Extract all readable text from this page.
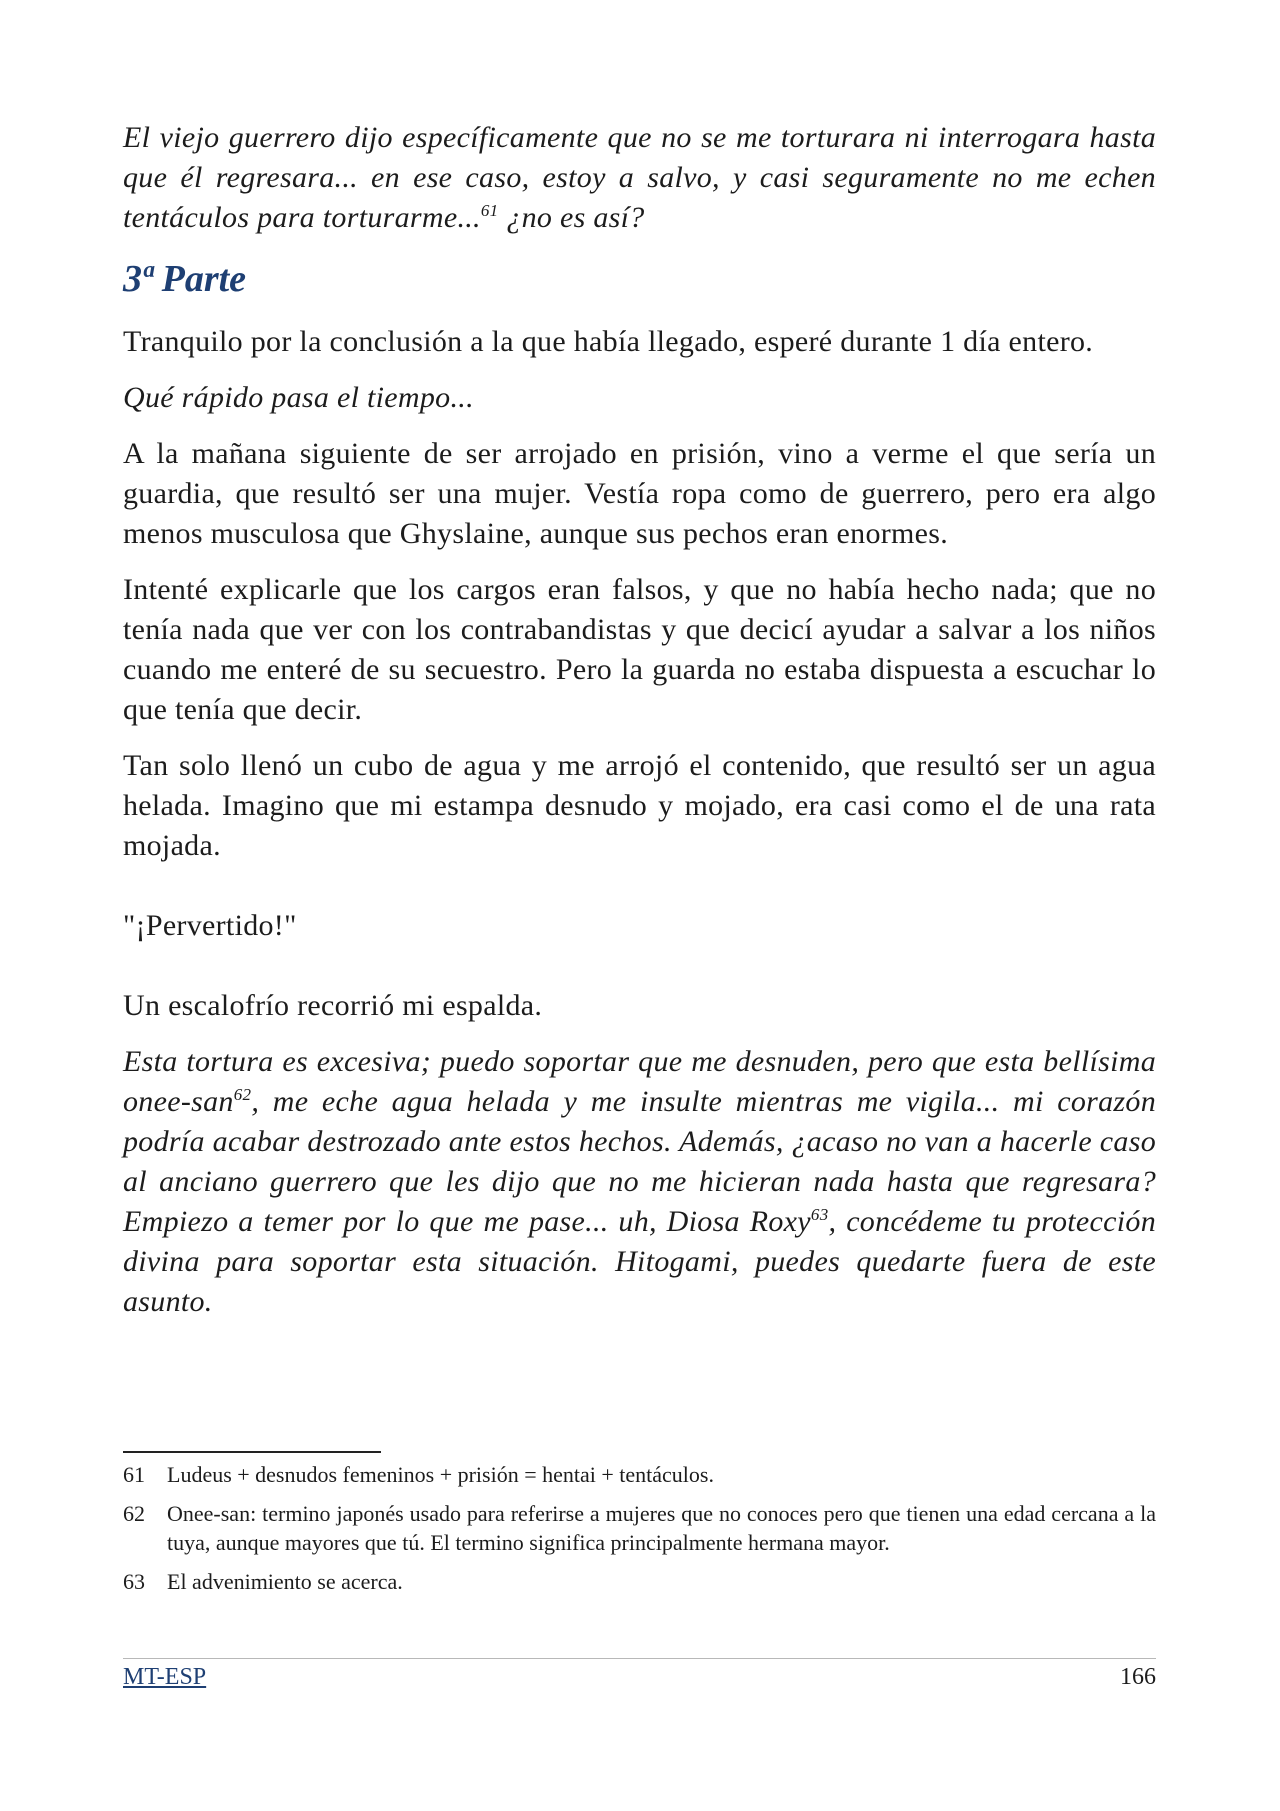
El viejo guerrero dijo específicamente que no se me torturara ni interrogara hasta que él regresara... en ese caso, estoy a salvo, y casi seguramente no me echen tentáculos para torturarme...$^{61}$ ¿no es así?

3ª Parte

Tranquilo por la conclusión a la que había llegado, esperé durante 1 día entero.

Qué rápido pasa el tiempo...

A la mañana siguiente de ser arrojado en prisión, vino a verme el que sería un guardia, que resultó ser una mujer. Vestía ropa como de guerrero, pero era algo menos musculosa que Ghyslaine, aunque sus pechos eran enormes.

Intenté explicarle que los cargos eran falsos, y que no había hecho nada; que no tenía nada que ver con los contrabandistas y que decicí ayudar a salvar a los niños cuando me enteré de su secuestro. Pero la guarda no estaba dispuesta a escuchar lo que tenía que decir.

Tan solo llenó un cubo de agua y me arrojó el contenido, que resultó ser un agua helada. Imagino que mi estampa desnudo y mojado, era casi como el de una rata mojada.

"¡Pervertido!"

Un escalofrío recorrió mi espalda.

Esta tortura es excesiva; puedo soportar que me desnuden, pero que esta bellísima onee-san$^{62}$, me eche agua helada y me insulte mientras me vigila... mi corazón podría acabar destrozado ante estos hechos. Además, ¿acaso no van a hacerle caso al anciano guerrero que les dijo que no me hicieran nada hasta que regresara? Empiezo a temer por lo que me pase... uh, Diosa Roxy$^{63}$, concédeme tu protección divina para soportar esta situación. Hitogami, puedes quedarte fuera de este asunto.

61	Ludeus + desnudos femeninos + prisión = hentai + tentáculos.
62	Onee-san: termino japonés usado para referirse a mujeres que no conoces pero que tienen una edad cercana a la tuya, aunque mayores que tú. El termino significa principalmente hermana mayor.
63	El advenimiento se acerca.
MT-ESP	166
